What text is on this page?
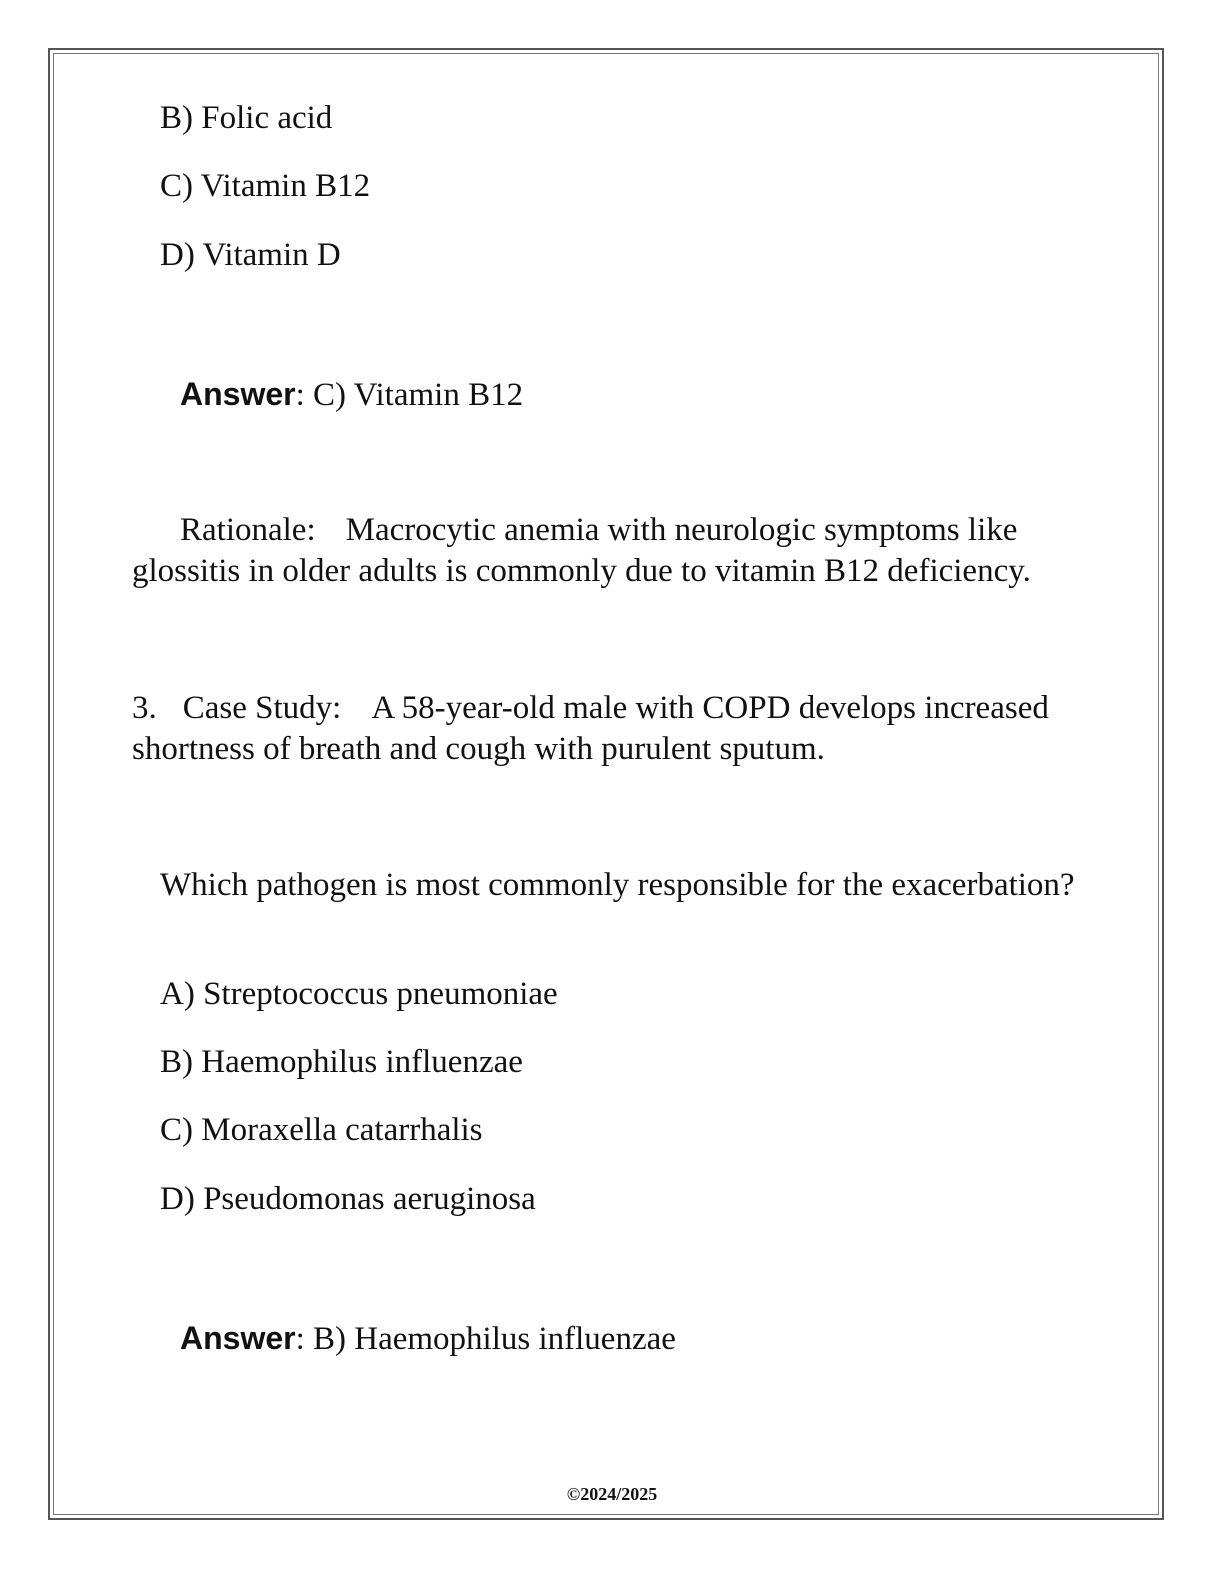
B) Folic acid
C) Vitamin B12
D) Vitamin D
Answer: C) Vitamin B12
Rationale: Macrocytic anemia with neurologic symptoms like glossitis in older adults is commonly due to vitamin B12 deficiency.
3. Case Study: A 58-year-old male with COPD develops increased shortness of breath and cough with purulent sputum.
Which pathogen is most commonly responsible for the exacerbation?
A) Streptococcus pneumoniae
B) Haemophilus influenzae
C) Moraxella catarrhalis
D) Pseudomonas aeruginosa
Answer: B) Haemophilus influenzae
©2024/2025
